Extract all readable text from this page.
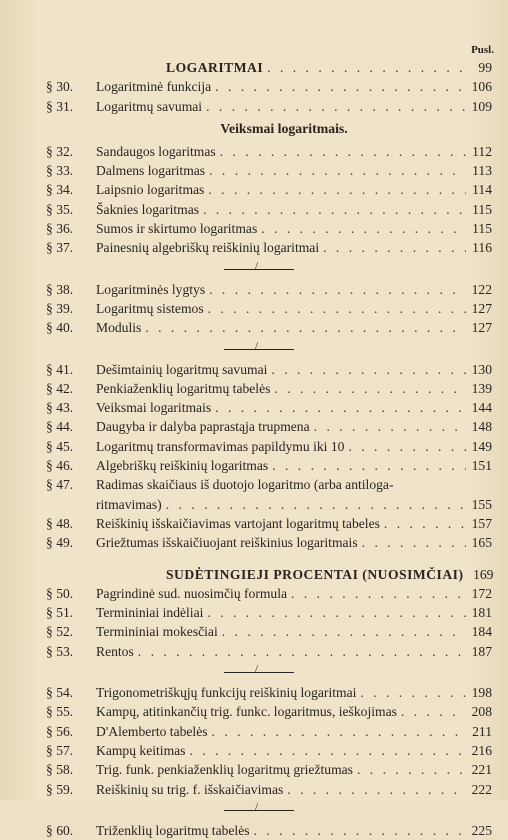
Pusl.
LOGARITMAI . . .	99
§ 30.	Logaritminė funkcija . . .	106
§ 31.	Logaritmų savumai . . .	109
Veiksmai logaritmais.
§ 32.	Sandaugos logaritmas . . .	112
§ 33.	Dalmens logaritmas . . .	113
§ 34.	Laipsnio logaritmas . . .	114
§ 35.	Šaknies logaritmas . . .	115
§ 36.	Sumos ir skirtumo logaritmas . . .	115
§ 37.	Painesnių algebriškų reiškinių logaritmai . . .	116
/
§ 38.	Logaritminės lygtys . . .	122
§ 39.	Logaritmų sistemos . . .	127
§ 40.	Modulis . . .	127
/
§ 41.	Dešimtainių logaritmų savumai . . .	130
§ 42.	Penkiaženklių logaritmų tabelės . . .	139
§ 43.	Veiksmai logaritmais . . .	144
§ 44.	Daugyba ir dalyba paprastąja trupmena . . .	148
§ 45.	Logaritmų transformavimas papildymu iki 10 . . .	149
§ 46.	Algebriškų reiškinių logaritmas . . .	151
§ 47.	Radimas skaičiaus iš duotojo logaritmo (arba antiloga-
ritmavimas) . . .	155
§ 48.	Reiškinių išskaičiavimas vartojant logaritmų tabeles . . .	157
§ 49.	Griežtumas išskaičiuojant reiškinius logaritmais . . .	165
SUDĖTINGIEJI PROCENTAI (NUOSIMČIAI) 169
§ 50.	Pagrindinė sud. nuosimčių formula . . .	172
§ 51.	Termininiai indėliai . . .	181
§ 52.	Termininiai mokesčiai . . .	184
§ 53.	Rentos . . .	187
/
§ 54.	Trigonometriškųjų funkcijų reiškinių logaritmai . . .	198
§ 55.	Kampų, atitinkančių trig. funkc. logaritmus, ieškojimas . . .	208
§ 56.	D'Alemberto tabelės . . .	211
§ 57.	Kampų keitimas . . .	216
§ 58.	Trig. funk. penkiaženklių logaritmų griežtumas . . .	221
§ 59.	Reiškinių su trig. f. išskaičiavimas . . .	222
/
§ 60.	Triženklių logaritmų tabelės . . .	225
